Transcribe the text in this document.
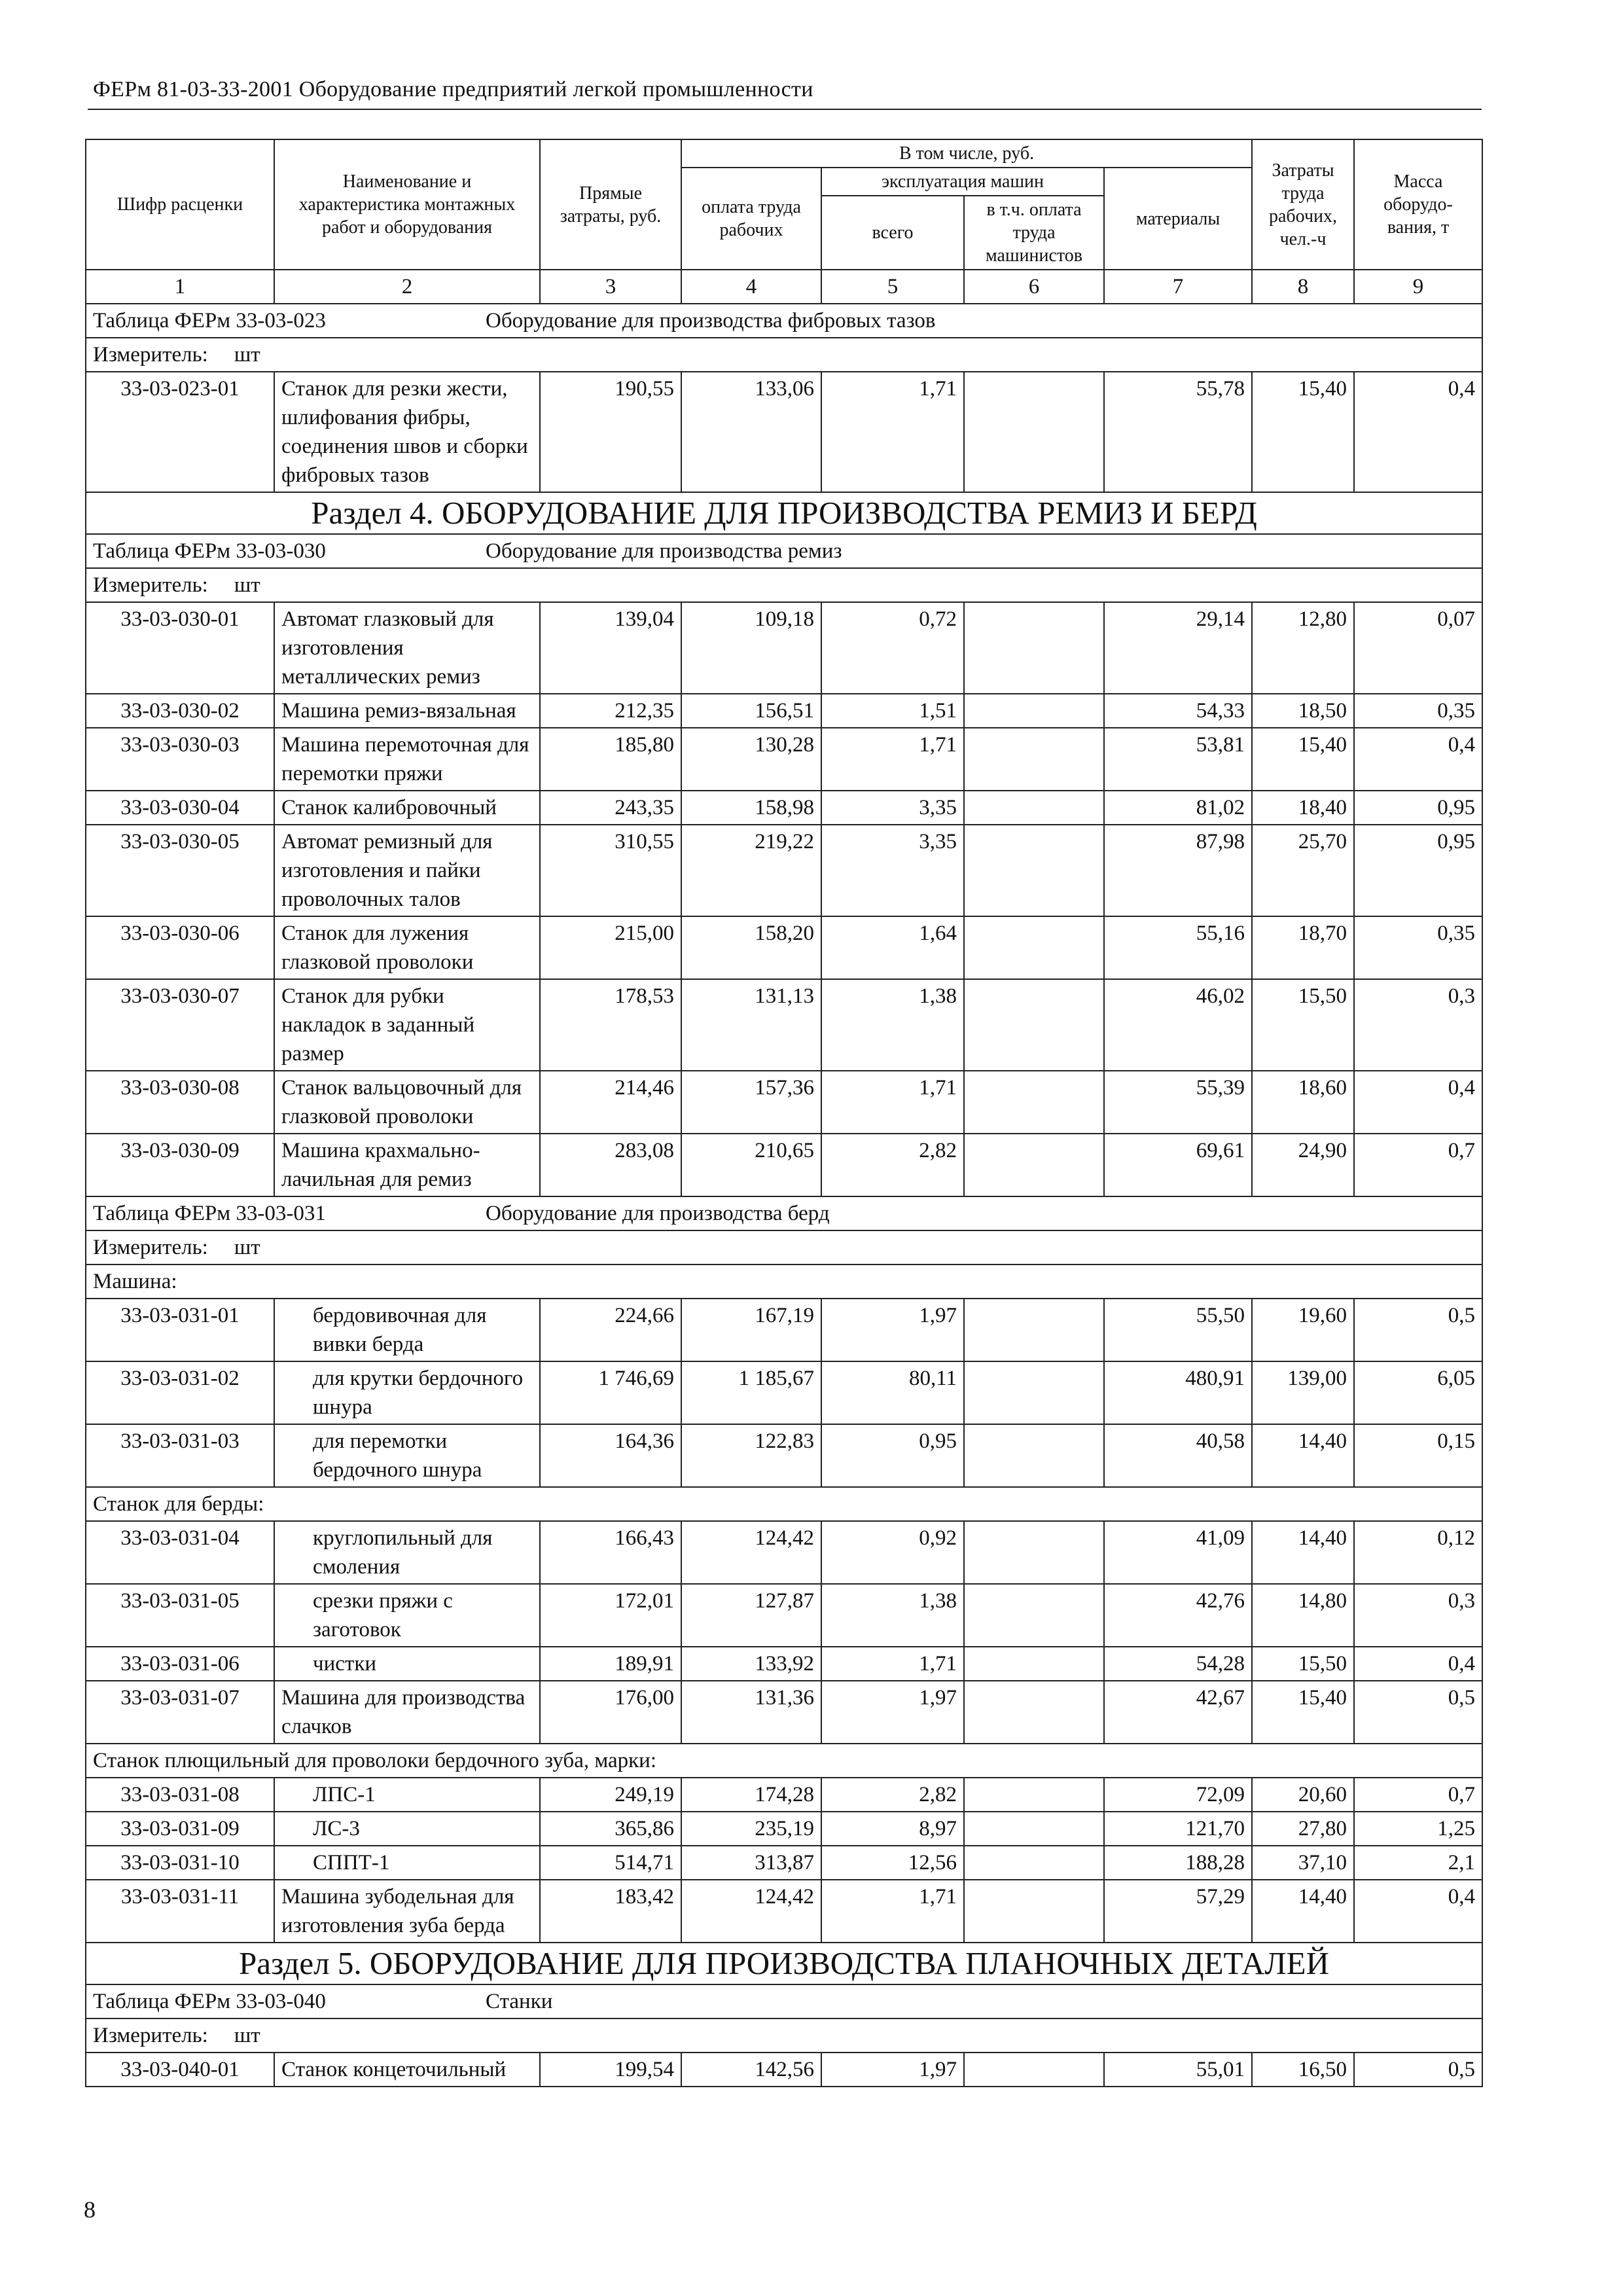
ФЕРм 81-03-33-2001 Оборудование предприятий легкой промышленности
Шифр расценки	Наименование и характеристика монтажных работ и оборудования	Прямые затраты, руб.	В том числе, руб.				Затраты труда рабочих, чел.-ч	Масса оборудо-вания, т
			оплата труда рабочих	эксплуатация машин		материалы		
				всего	в т.ч. оплата труда машинистов			
1	2	3	4	5	6	7	8	9
Таблица ФЕРм 33-03-023 Оборудование для производства фибровых тазов								
Измеритель: шт								
33-03-023-01	Станок для резки жести, шлифования фибры, соединения швов и сборки фибровых тазов	190,55	133,06	1,71		55,78	15,40	0,4
Раздел 4. ОБОРУДОВАНИЕ ДЛЯ ПРОИЗВОДСТВА РЕМИЗ И БЕРД								
Таблица ФЕРм 33-03-030 Оборудование для производства ремиз								
Измеритель: шт								
33-03-030-01	Автомат глазковый для изготовления металлических ремиз	139,04	109,18	0,72		29,14	12,80	0,07
33-03-030-02	Машина ремиз-вязальная	212,35	156,51	1,51		54,33	18,50	0,35
33-03-030-03	Машина перемоточная для перемотки пряжи	185,80	130,28	1,71		53,81	15,40	0,4
33-03-030-04	Станок калибровочный	243,35	158,98	3,35		81,02	18,40	0,95
33-03-030-05	Автомат ремизный для изготовления и пайки проволочных талов	310,55	219,22	3,35		87,98	25,70	0,95
33-03-030-06	Станок для лужения глазковой проволоки	215,00	158,20	1,64		55,16	18,70	0,35
33-03-030-07	Станок для рубки накладок в заданный размер	178,53	131,13	1,38		46,02	15,50	0,3
33-03-030-08	Станок вальцовочный для глазковой проволоки	214,46	157,36	1,71		55,39	18,60	0,4
33-03-030-09	Машина крахмально-лачильная для ремиз	283,08	210,65	2,82		69,61	24,90	0,7
Таблица ФЕРм 33-03-031 Оборудование для производства берд								
Измеритель: шт								
Машина:								
33-03-031-01	бердовивочная для вивки берда	224,66	167,19	1,97		55,50	19,60	0,5
33-03-031-02	для крутки бердочного шнура	1 746,69	1 185,67	80,11		480,91	139,00	6,05
33-03-031-03	для перемотки бердочного шнура	164,36	122,83	0,95		40,58	14,40	0,15
Станок для берды:								
33-03-031-04	круглопильный для смоления	166,43	124,42	0,92		41,09	14,40	0,12
33-03-031-05	срезки пряжи с заготовок	172,01	127,87	1,38		42,76	14,80	0,3
33-03-031-06	чистки	189,91	133,92	1,71		54,28	15,50	0,4
33-03-031-07	Машина для производства слачков	176,00	131,36	1,97		42,67	15,40	0,5
Станок плющильный для проволоки бердочного зуба, марки:								
33-03-031-08	ЛПС-1	249,19	174,28	2,82		72,09	20,60	0,7
33-03-031-09	ЛС-3	365,86	235,19	8,97		121,70	27,80	1,25
33-03-031-10	СППТ-1	514,71	313,87	12,56		188,28	37,10	2,1
33-03-031-11	Машина зубодельная для изготовления зуба берда	183,42	124,42	1,71		57,29	14,40	0,4
Раздел 5. ОБОРУДОВАНИЕ ДЛЯ ПРОИЗВОДСТВА ПЛАНОЧНЫХ ДЕТАЛЕЙ								
Таблица ФЕРм 33-03-040 Станки								
Измеритель: шт								
33-03-040-01	Станок концеточильный	199,54	142,56	1,97		55,01	16,50	0,5
8
